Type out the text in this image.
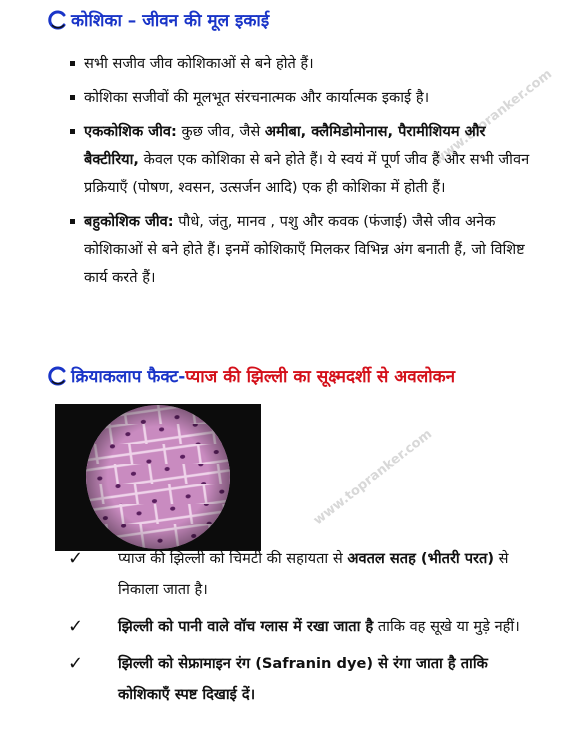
www.topranker.com
www.topranker.com
कोशिका – जीवन की मूल इकाई
सभी सजीव जीव कोशिकाओं से बने होते हैं।
कोशिका सजीवों की मूलभूत संरचनात्मक और कार्यात्मक इकाई है।
एककोशिक जीव: कुछ जीव, जैसे अमीबा, क्लैमिडोमोनास, पैरामीशियम और बैक्टीरिया, केवल एक कोशिका से बने होते हैं। ये स्वयं में पूर्ण जीव हैं और सभी जीवन प्रक्रियाएँ (पोषण, श्वसन, उत्सर्जन आदि) एक ही कोशिका में होती हैं।
बहुकोशिक जीव: पौधे, जंतु, मानव , पशु और कवक (फंजाई) जैसे जीव अनेक कोशिकाओं से बने होते हैं। इनमें कोशिकाएँ मिलकर विभिन्न अंग बनाती हैं, जो विशिष्ट कार्य करते हैं।
क्रियाकलाप फैक्ट- प्याज की झिल्ली का सूक्ष्मदर्शी से अवलोकन
✓ प्याज की झिल्ली को चिमटी की सहायता से अवतल सतह (भीतरी परत) से निकाला जाता है।
✓ झिल्ली को पानी वाले वॉच ग्लास में रखा जाता है ताकि वह सूखे या मुड़े नहीं।
✓ झिल्ली को सेफ्रामाइन रंग (Safranin dye) से रंगा जाता है ताकि कोशिकाएँ स्पष्ट दिखाई दें।
